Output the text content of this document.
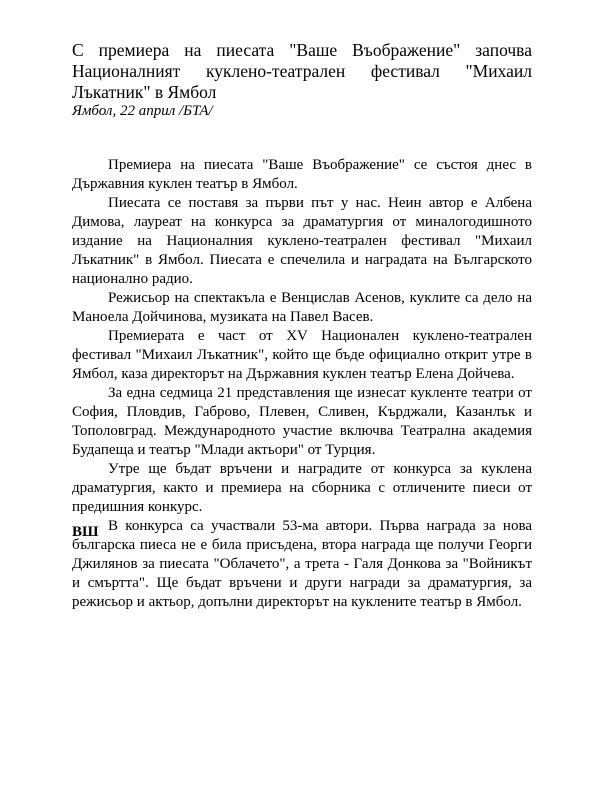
С премиера на пиесата "Ваше Въображение" започва Националният куклено-театрален фестивал "Михаил Лъкатник" в Ямбол

Ямбол, 22 април /БТА/

Премиера на пиесата "Ваше Въображение" се състоя днес в Държавния куклен театър в Ямбол.

Пиесата се поставя за първи път у нас. Неин автор е Албена Димова, лауреат на конкурса за драматургия от миналогодишното издание на Националния куклено-театрален фестивал "Михаил Лъкатник" в Ямбол. Пиесата е спечелила и наградата на Българското национално радио.

Режисьор на спектакъла е Венцислав Асенов, куклите са дело на Маноела Дойчинова, музиката на Павел Васев.

Премиерата е част от XV Национален куклено-театрален фестивал "Михаил Лъкатник", който ще бъде официално открит утре в Ямбол, каза директорът на Държавния куклен театър Елена Дойчева.

За една седмица 21 представления ще изнесат кукленте театри от София, Пловдив, Габрово, Плевен, Сливен, Кърджали, Казанлък и Тополовград. Международното участие включва Театрална академия Будапеща и театър "Млади актьори" от Турция.

Утре ще бъдат връчени и наградите от конкурса за куклена драматургия, както и премиера на сборника с отличените пиеси от предишния конкурс.

В конкурса са участвали 53-ма автори. Първа награда за нова българска пиеса не е била присъдена, втора награда ще получи Георги Джилянов за пиесата "Облачето", а трета - Галя Донкова за "Войникът и смъртта". Ще бъдат връчени и други награди за драматургия, за режисьор и актьор, допълни директорът на куклените театър в Ямбол.

ВШ
